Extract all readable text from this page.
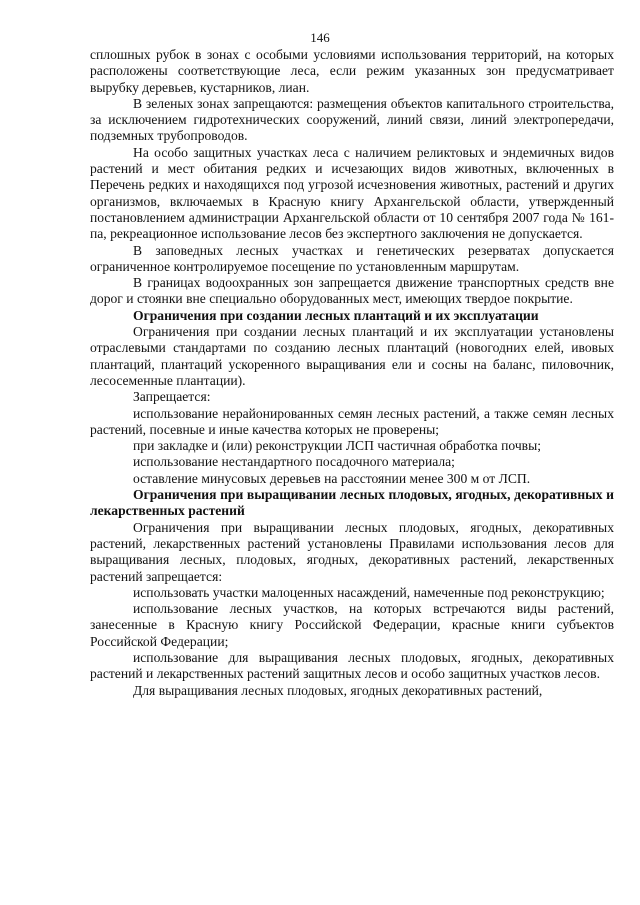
146

сплошных рубок в зонах с особыми условиями использования территорий, на которых расположены соответствующие леса, если режим указанных зон предусматривает вырубку деревьев, кустарников, лиан.

В зеленых зонах запрещаются: размещения объектов капитального строительства, за исключением гидротехнических сооружений, линий связи, линий электропередачи, подземных трубопроводов.

На особо защитных участках леса с наличием реликтовых и эндемичных видов растений и мест обитания редких и исчезающих видов животных, включенных в Перечень редких и находящихся под угрозой исчезновения животных, растений и других организмов, включаемых в Красную книгу Архангельской области, утвержденный постановлением администрации Архангельской области от 10 сентября 2007 года № 161-па, рекреационное использование лесов без экспертного заключения не допускается.

В заповедных лесных участках и генетических резерватах допускается ограниченное контролируемое посещение по установленным маршрутам.

В границах водоохранных зон запрещается движение транспортных средств вне дорог и стоянки вне специально оборудованных мест, имеющих твердое покрытие.

Ограничения при создании лесных плантаций и их эксплуатации

Ограничения при создании лесных плантаций и их эксплуатации установлены отраслевыми стандартами по созданию лесных плантаций (новогодних елей, ивовых плантаций, плантаций ускоренного выращивания ели и сосны на баланс, пиловочник, лесосеменные плантации).

Запрещается:

использование нерайонированных семян лесных растений, а также семян лесных растений, посевные и иные качества которых не проверены;

при закладке и (или) реконструкции ЛСП частичная обработка почвы;

использование нестандартного посадочного материала;

оставление минусовых деревьев на расстоянии менее 300 м от ЛСП.

Ограничения при выращивании лесных плодовых, ягодных, декоративных и лекарственных растений

Ограничения при выращивании лесных плодовых, ягодных, декоративных растений, лекарственных растений установлены Правилами использования лесов для выращивания лесных, плодовых, ягодных, декоративных растений, лекарственных растений запрещается:

использовать участки малоценных насаждений, намеченные под реконструкцию;

использование лесных участков, на которых встречаются виды растений, занесенные в Красную книгу Российской Федерации, красные книги субъектов Российской Федерации;

использование для выращивания лесных плодовых, ягодных, декоративных растений и лекарственных растений защитных лесов и особо защитных участков лесов.

Для выращивания лесных плодовых, ягодных декоративных растений,
